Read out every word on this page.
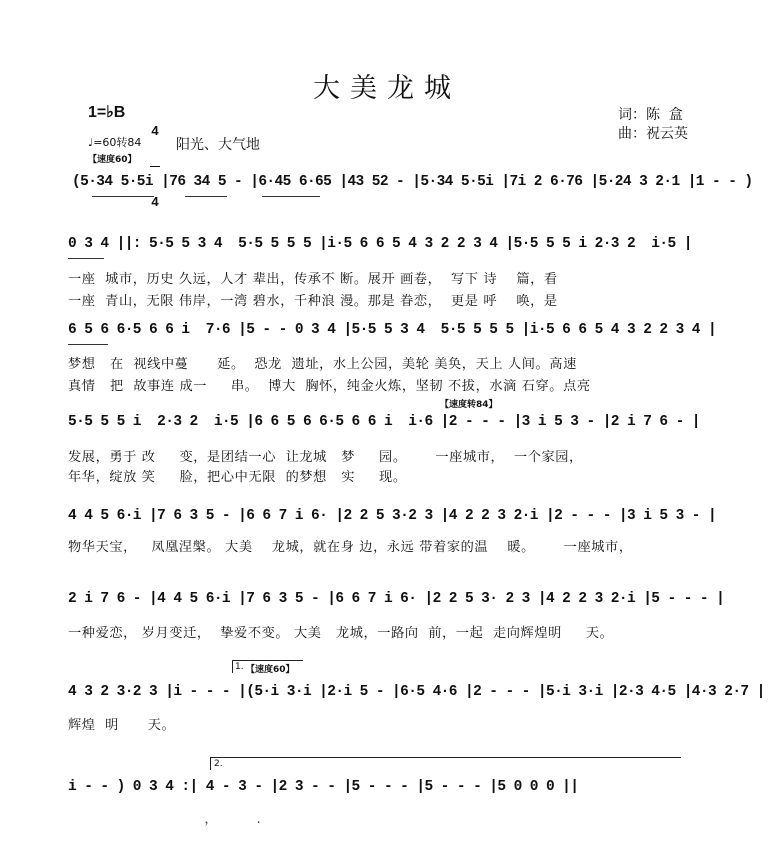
大美龙城
1=♭B

4

4

词：陈  盒
曲：祝云英
♩=60转84 阳光、大气地
【速度60】
(5·34 5·5i |76 34 5 - |6·45 6·65 |43 52 - |5·34 5·5i |7i 2 6·76 |5·24 3 2·1 |1 - - )
0 3 4 ||: 5·5 5 3 4  5·5 5 5 5 |i·5 6 6 5 4 3 2 2 3 4 |5·5 5 5 i 2·3 2  i·5 |
一座  城市，历史 久远，人才 辈出，传承不 断。展开 画卷，  写下 诗    篇，看
一座  青山，无限 伟岸，一湾 碧水，千种浪 漫。那是 眷恋，  更是 呼    唤，是
6 5 6 6·5 6 6 i  7·6 |5 - - 0 3 4 |5·5 5 3 4  5·5 5 5 5 |i·5 6 6 5 4 3 2 2 3 4 |
梦想   在  视线中蔓      延。  恐龙  遗址，水上公园，美轮 美奂，天上 人间。高速
真情   把  故事连 成一     串。  博大  胸怀，纯金火炼，坚韧 不拔，水滴 石穿。点亮
【速度转84】
5·5 5 5 i  2·3 2  i·5 |6 6 5 6 6·5 6 6 i  i·6 |2 - - - |3 i 5 3 - |2 i 7 6 - |
发展，勇于 改     变，是团结一心  让龙城   梦     园。      一座城市，  一个家园，
年华，绽放 笑     脸，把心中无限  的梦想   实     现。
4 4 5 6·i |7 6 3 5 - |6 6 7 i 6· |2 2 5 3·2 3 |4 2 2 3 2·i |2 - - - |3 i 5 3 - |
物华天宝，   凤凰涅槃。 大美    龙城，就在身 边，永远 带着家的温    暖。      一座城市，
2 i 7 6 - |4 4 5 6·i |7 6 3 5 - |6 6 7 i 6· |2 2 5 3· 2 3 |4 2 2 3 2·i |5 - - - |
一种爱恋， 岁月变迁，  挚爱不变。 大美   龙城，一路向  前，一起  走向辉煌明     天。
1. 【速度60】
4 3 2 3·2 3 |i - - - |(5·i 3·i |2·i 5 - |6·5 4·6 |2 - - - |5·i 3·i |2·3 4·5 |4·3 2·7 |
辉煌  明      天。
2.
i - - ) 0 3 4 :| 4 - 3 - |2 3 - - |5 - - - |5 - - - |5 0 0 0 ||
，        .
